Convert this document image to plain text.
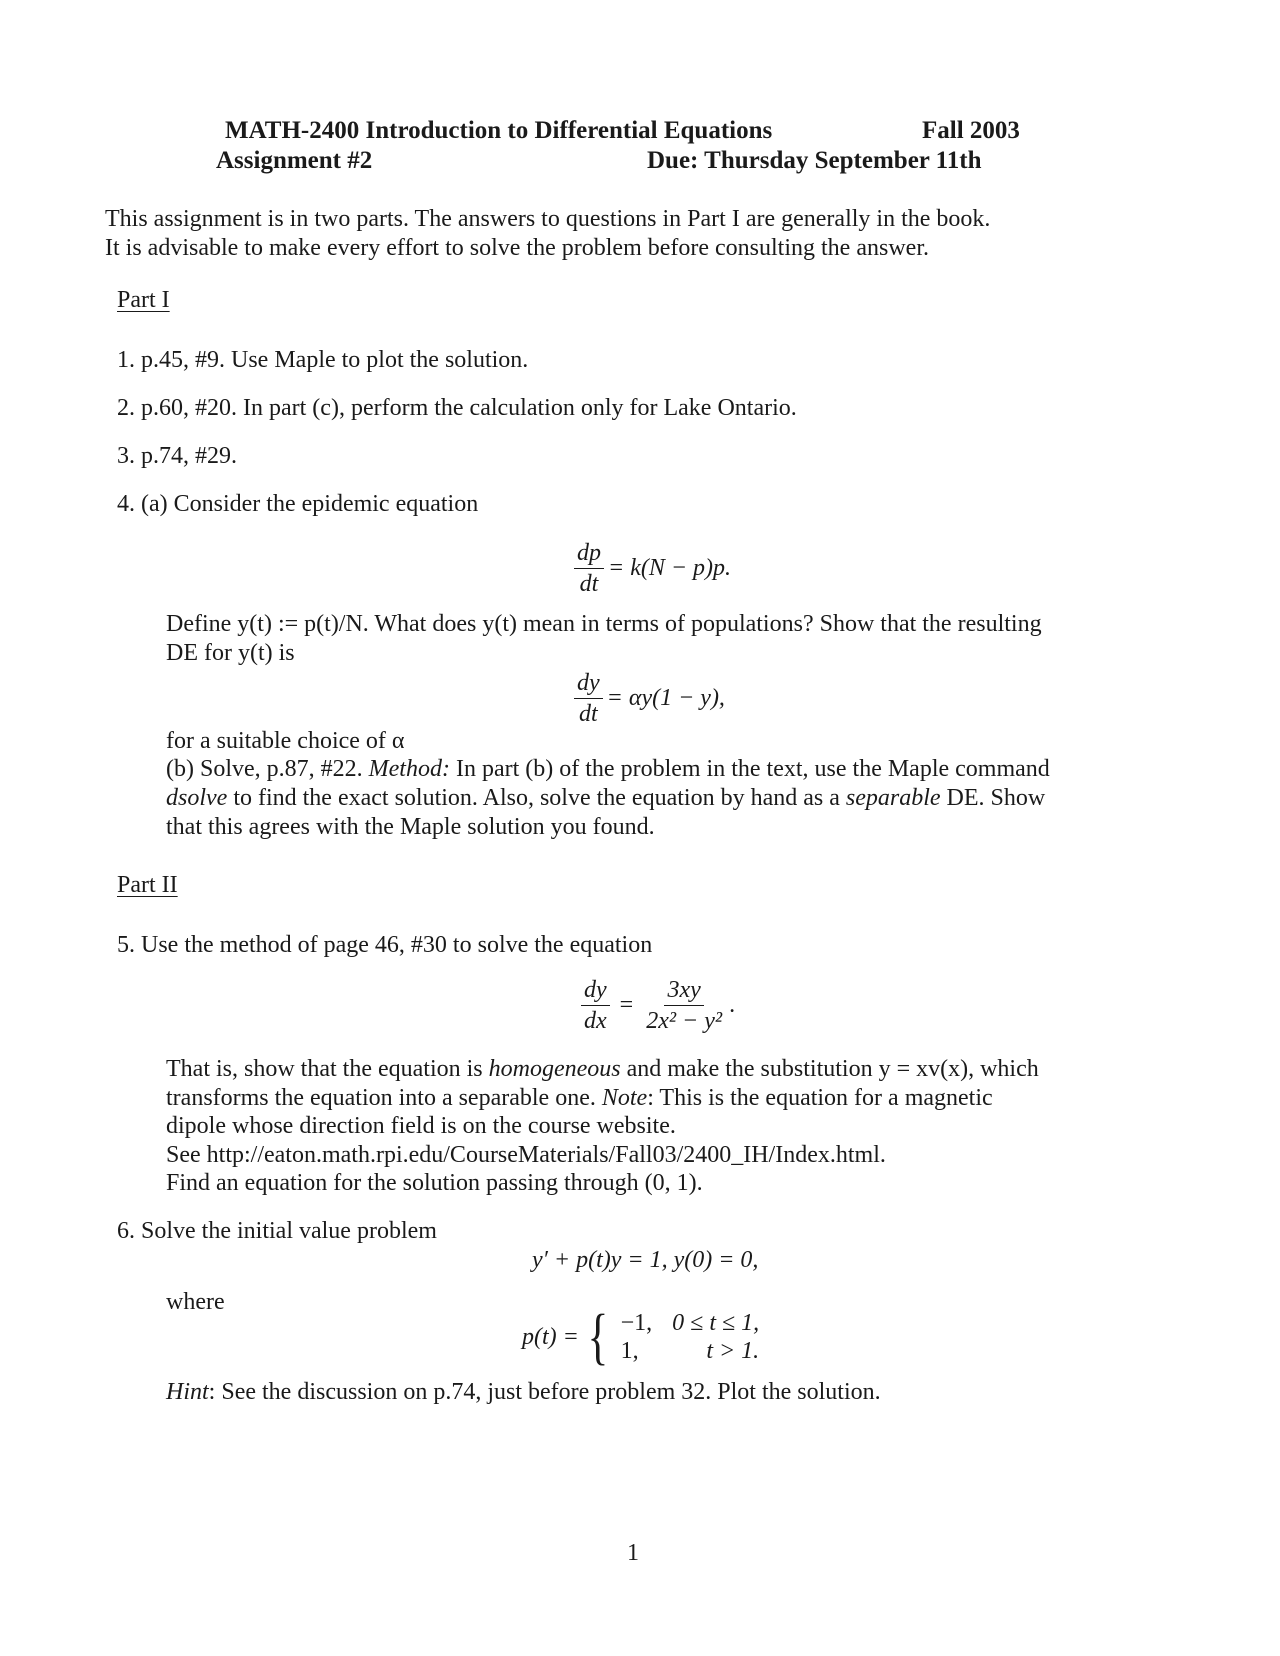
MATH-2400 Introduction to Differential Equations	Fall 2003
Assignment #2	Due: Thursday September 11th
This assignment is in two parts. The answers to questions in Part I are generally in the book.
It is advisable to make every effort to solve the problem before consulting the answer.
Part I
1. p.45, #9. Use Maple to plot the solution.
2. p.60, #20. In part (c), perform the calculation only for Lake Ontario.
3. p.74, #29.
4. (a) Consider the epidemic equation
$\frac{dp}{dt} = k(N - p)p$.
Define y(t) := p(t)/N. What does y(t) mean in terms of populations? Show that the resulting
DE for y(t) is
$\frac{dy}{dt} = \alpha y(1 - y)$,
for a suitable choice of α
(b) Solve, p.87, #22. Method: In part (b) of the problem in the text, use the Maple command
dsolve to find the exact solution. Also, solve the equation by hand as a separable DE. Show
that this agrees with the Maple solution you found.
Part II
5. Use the method of page 46, #30 to solve the equation
$\frac{dy}{dx} = \frac{3xy}{\text{2x² − y²}}$ .
That is, show that the equation is homogeneous and make the substitution y = xv(x), which
transforms the equation into a separable one. Note: This is the equation for a magnetic
dipole whose direction field is on the course website.
See http://eaton.math.rpi.edu/CourseMaterials/Fall03/2400_IH/Index.html.
Find an equation for the solution passing through (0, 1).
6. Solve the initial value problem
y′ + p(t)y = 1, y(0) = 0,
where
p(t) = { −1, 0 ≤ t ≤ 1,
1,	t > 1.
Hint: See the discussion on p.74, just before problem 32. Plot the solution.
1
